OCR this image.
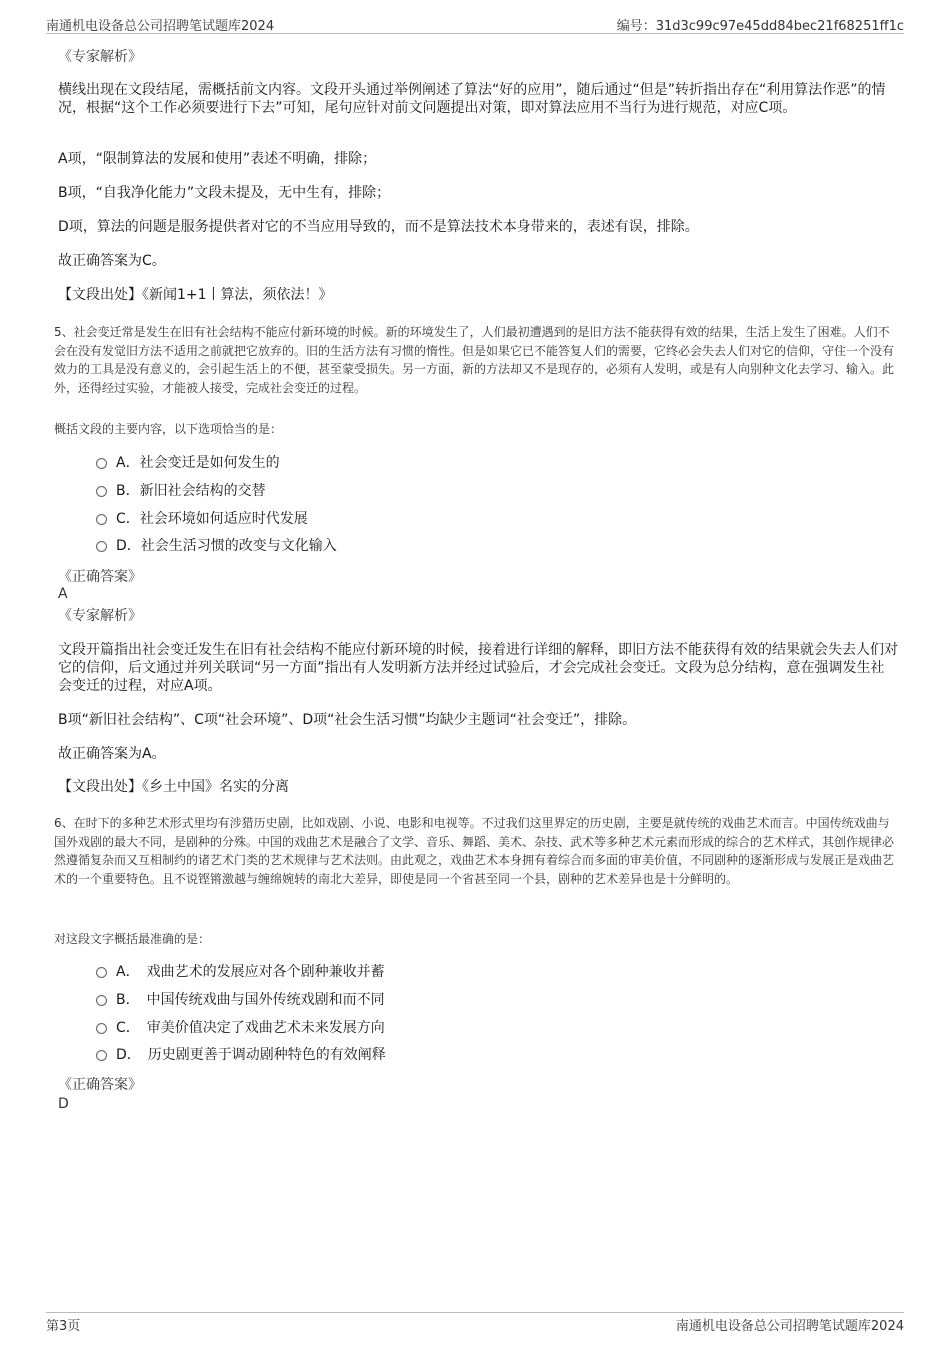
南通机电设备总公司招聘笔试题库2024	编号：31d3c99c97e45dd84bec21f68251ff1c

《专家解析》

横线出现在文段结尾，需概括前文内容。文段开头通过举例阐述了算法“好的应用”，随后通过“但是”转折指出存在“利用算法作恶”的情况，根据“这个工作必须要进行下去”可知，尾句应针对前文问题提出对策，即对算法应用不当行为进行规范，对应C项。

A项，“限制算法的发展和使用”表述不明确，排除；

B项，“自我净化能力”文段未提及，无中生有，排除；

D项，算法的问题是服务提供者对它的不当应用导致的，而不是算法技术本身带来的，表述有误，排除。

故正确答案为C。

【文段出处】《新闻1+1丨算法，须依法！》

5、社会变迁常是发生在旧有社会结构不能应付新环境的时候。新的环境发生了，人们最初遭遇到的是旧方法不能获得有效的结果，生活上发生了困难。人们不会在没有发觉旧方法不适用之前就把它放弃的。旧的生活方法有习惯的惰性。但是如果它已不能答复人们的需要，它终必会失去人们对它的信仰，守住一个没有效力的工具是没有意义的，会引起生活上的不便，甚至蒙受损失。另一方面，新的方法却又不是现存的，必须有人发明，或是有人向别种文化去学习、输入。此外，还得经过实验，才能被人接受，完成社会变迁的过程。

概括文段的主要内容，以下选项恰当的是：

A．社会变迁是如何发生的
B．新旧社会结构的交替
C．社会环境如何适应时代发展
D．社会生活习惯的改变与文化输入

《正确答案》

A

《专家解析》

文段开篇指出社会变迁发生在旧有社会结构不能应付新环境的时候，接着进行详细的解释，即旧方法不能获得有效的结果就会失去人们对它的信仰，后文通过并列关联词“另一方面”指出有人发明新方法并经过试验后，才会完成社会变迁。文段为总分结构，意在强调发生社会变迁的过程，对应A项。

B项“新旧社会结构”、C项“社会环境”、D项“社会生活习惯”均缺少主题词“社会变迁”，排除。

故正确答案为A。

【文段出处】《乡土中国》名实的分离

6、在时下的多种艺术形式里均有涉猎历史剧，比如戏剧、小说、电影和电视等。不过我们这里界定的历史剧，主要是就传统的戏曲艺术而言。中国传统戏曲与国外戏剧的最大不同，是剧种的分殊。中国的戏曲艺术是融合了文学、音乐、舞蹈、美术、杂技、武术等多种艺术元素而形成的综合的艺术样式，其创作规律必然遵循复杂而又互相制约的诸艺术门类的艺术规律与艺术法则。由此观之，戏曲艺术本身拥有着综合而多面的审美价值，不同剧种的逐渐形成与发展正是戏曲艺术的一个重要特色。且不说铿锵激越与缠绵婉转的南北大差异，即使是同一个省甚至同一个县，剧种的艺术差异也是十分鲜明的。

对这段文字概括最准确的是：

A．　戏曲艺术的发展应对各个剧种兼收并蓄
B．　中国传统戏曲与国外传统戏剧和而不同
C．　审美价值决定了戏曲艺术未来发展方向
D．　历史剧更善于调动剧种特色的有效阐释

《正确答案》

D

第3页	南通机电设备总公司招聘笔试题库2024
